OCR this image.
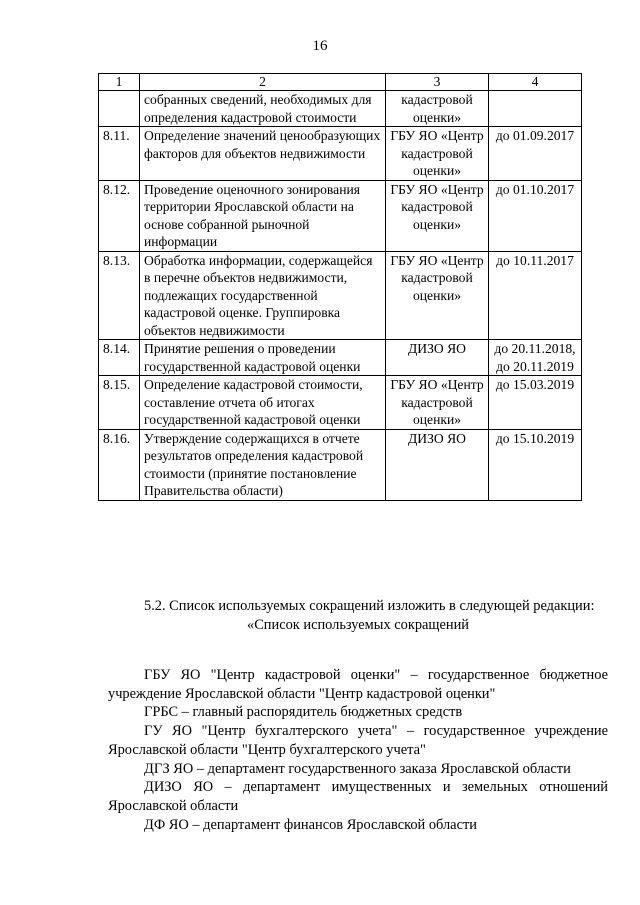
16
1	2	3	4
	собранных сведений, необходимых для определения кадастровой стоимости	кадастровой оценки»	
8.11.	Определение значений ценообразующих факторов для объектов недвижимости	ГБУ ЯО «Центр кадастровой оценки»	до 01.09.2017
8.12.	Проведение оценочного зонирования территории Ярославской области на основе собранной рыночной информации	ГБУ ЯО «Центр кадастровой оценки»	до 01.10.2017
8.13.	Обработка информации, содержащейся в перечне объектов недвижимости, подлежащих государственной кадастровой оценке. Группировка объектов недвижимости	ГБУ ЯО «Центр кадастровой оценки»	до 10.11.2017
8.14.	Принятие решения о проведении государственной кадастровой оценки	ДИЗО ЯО	до 20.11.2018, до 20.11.2019
8.15.	Определение кадастровой стоимости, составление отчета об итогах государственной кадастровой оценки	ГБУ ЯО «Центр кадастровой оценки»	до 15.03.2019
8.16.	Утверждение содержащихся в отчете результатов определения кадастровой стоимости (принятие постановление Правительства области)	ДИЗО ЯО	до 15.10.2019
5.2. Список используемых сокращений изложить в следующей редакции:
«Список используемых сокращений
ГБУ ЯО "Центр кадастровой оценки" – государственное бюджетное учреждение Ярославской области "Центр кадастровой оценки"
ГРБС – главный распорядитель бюджетных средств
ГУ ЯО "Центр бухгалтерского учета" – государственное учреждение Ярославской области "Центр бухгалтерского учета"
ДГЗ ЯО – департамент государственного заказа Ярославской области
ДИЗО ЯО – департамент имущественных и земельных отношений Ярославской области
ДФ ЯО – департамент финансов Ярославской области
